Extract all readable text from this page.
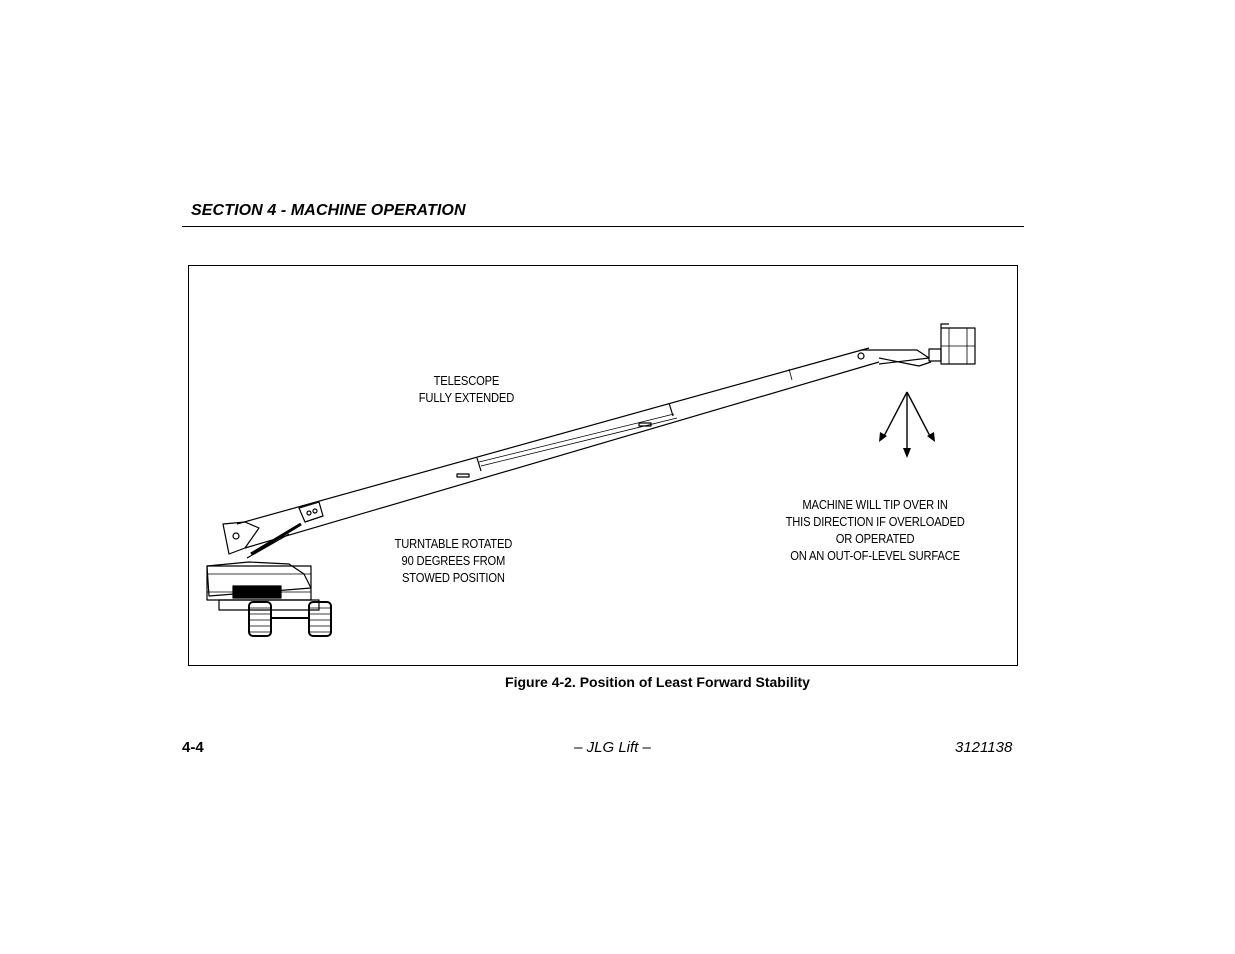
SECTION 4 - MACHINE OPERATION
TELESCOPE
FULLY EXTENDED
TURNTABLE ROTATED
90 DEGREES FROM
STOWED POSITION
MACHINE WILL TIP OVER IN
THIS DIRECTION IF OVERLOADED
OR OPERATED
ON AN OUT-OF-LEVEL SURFACE
Figure 4-2. Position of Least Forward Stability
4-4	– JLG Lift –	3121138
